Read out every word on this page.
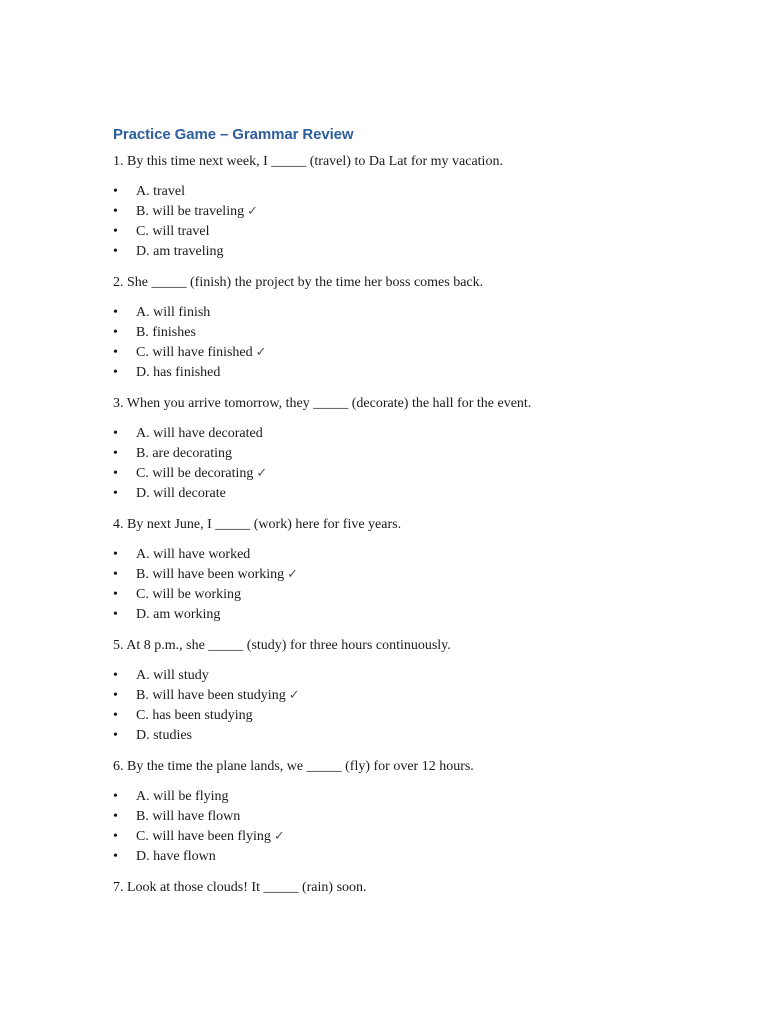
Practice Game – Grammar Review

1. By this time next week, I _____ (travel) to Da Lat for my vacation.

• A. travel
• B. will be traveling ✓
• C. will travel
• D. am traveling

2. She _____ (finish) the project by the time her boss comes back.

• A. will finish
• B. finishes
• C. will have finished ✓
• D. has finished

3. When you arrive tomorrow, they _____ (decorate) the hall for the event.

• A. will have decorated
• B. are decorating
• C. will be decorating ✓
• D. will decorate

4. By next June, I _____ (work) here for five years.

• A. will have worked
• B. will have been working ✓
• C. will be working
• D. am working

5. At 8 p.m., she _____ (study) for three hours continuously.

• A. will study
• B. will have been studying ✓
• C. has been studying
• D. studies

6. By the time the plane lands, we _____ (fly) for over 12 hours.

• A. will be flying
• B. will have flown
• C. will have been flying ✓
• D. have flown

7. Look at those clouds! It _____ (rain) soon.
